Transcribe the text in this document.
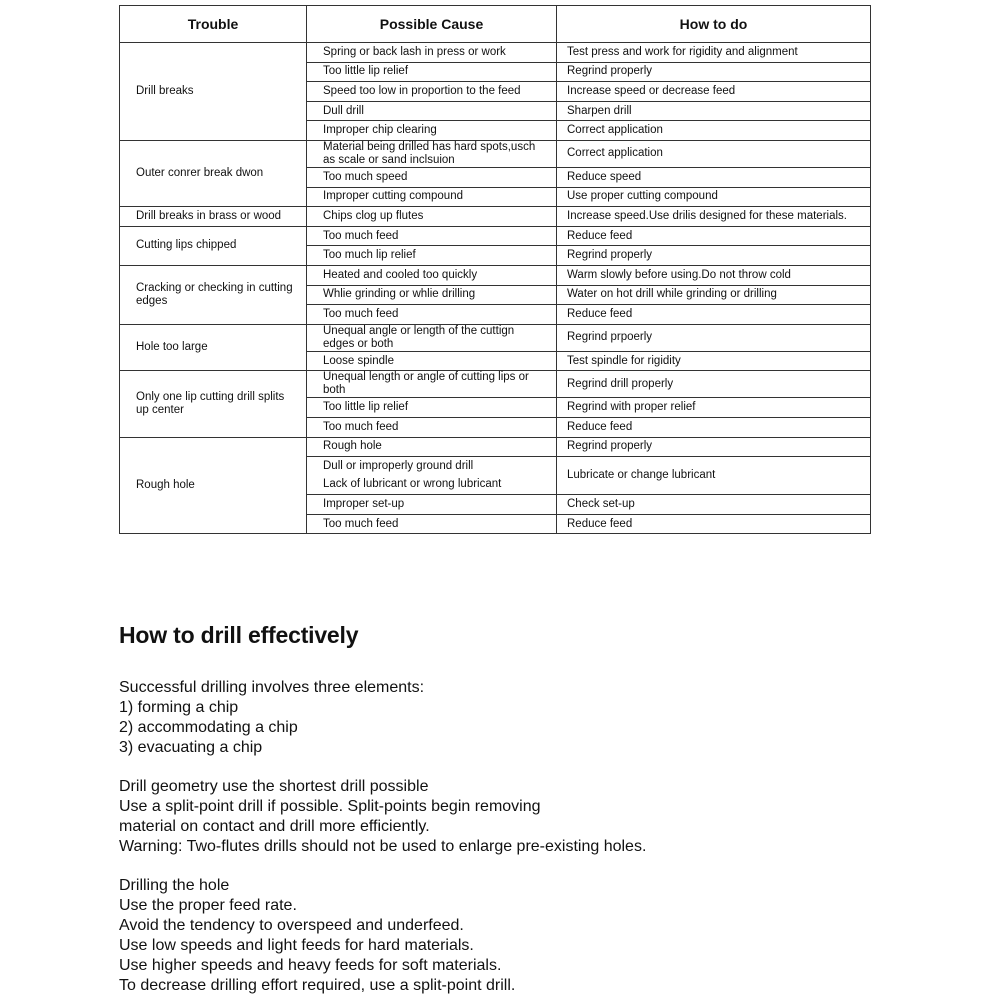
Trouble	Possible Cause	How to do

Drill breaks	Spring or back lash in press or work	Test press and work for rigidity and alignment
	Too little lip relief	Regrind properly
	Speed too low in proportion to the feed	Increase speed or decrease feed
	Dull drill	Sharpen drill
	Improper chip clearing	Correct application

Outer conrer break dwon	Material being drilled has hard spots,usch as scale or sand inclsuion	Correct application
	Too much speed	Reduce speed
	Improper cutting compound	Use proper cutting compound
Drill breaks in brass or wood	Chips clog up flutes	Increase speed.Use drilis designed for these materials.

Cutting lips chipped	Too much feed	Reduce feed
	Too much lip relief	Regrind properly

Cracking or checking in cutting edges	Heated and cooled too quickly	Warm slowly before using.Do not throw cold
	Whlie grinding or whlie drilling	Water on hot drill while grinding or drilling
	Too much feed	Reduce feed

Hole too large	Unequal angle or length of the cuttign edges or both	Regrind prpoerly
	Loose spindle	Test spindle for rigidity

Only one lip cutting drill splits up center	Unequal length or angle of cutting lips or both	Regrind drill properly
	Too little lip relief	Regrind with proper relief
	Too much feed	Reduce feed

Rough hole	Rough hole	Regrind properly
	Dull or improperly ground drill	Lubricate or change lubricant
	Lack of lubricant or wrong lubricant	
	Improper set-up	Check set-up
	Too much feed	Reduce feed
How to drill effectively

Successful drilling involves three elements:
1) forming a chip
2) accommodating a chip
3) evacuating a chip

Drill geometry use the shortest drill possible
Use a split-point drill if possible. Split-points begin removing
material on contact and drill more efficiently.
Warning: Two-flutes drills should not be used to enlarge pre-existing holes.

Drilling the hole
Use the proper feed rate.
Avoid the tendency to overspeed and underfeed.
Use low speeds and light feeds for hard materials.
Use higher speeds and heavy feeds for soft materials.
To decrease drilling effort required, use a split-point drill.
